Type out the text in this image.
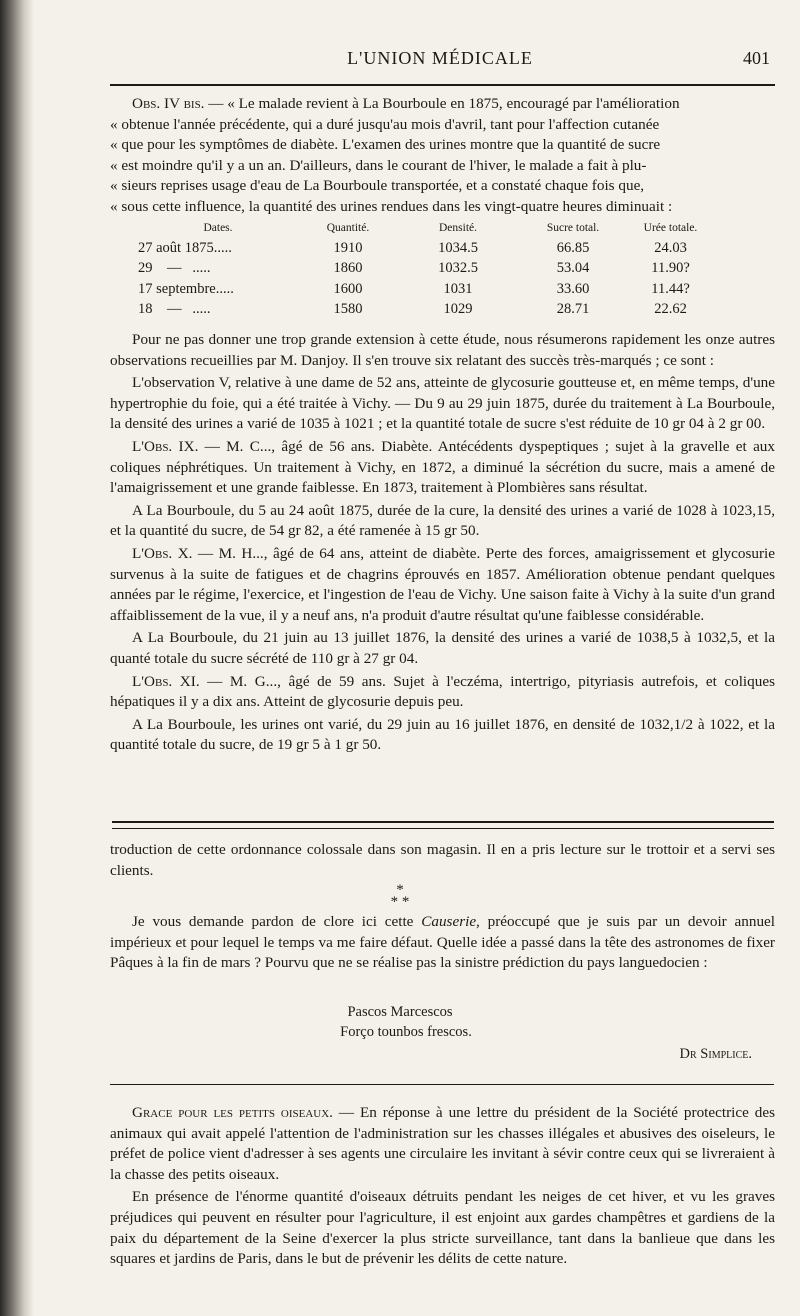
L'UNION MÉDICALE	401
Obs. IV bis. — « Le malade revient à La Bourboule en 1875, encouragé par l'amélioration
« obtenue l'année précédente, qui a duré jusqu'au mois d'avril, tant pour l'affection cutanée
« que pour les symptômes de diabète. L'examen des urines montre que la quantité de sucre
« est moindre qu'il y a un an. D'ailleurs, dans le courant de l'hiver, le malade a fait à plu-
« sieurs reprises usage d'eau de La Bourboule transportée, et a constaté chaque fois que,
« sous cette influence, la quantité des urines rendues dans les vingt-quatre heures diminuait :
Dates.	Quantité.	Densité.	Sucre total.	Urée totale.
27 août 1875.....	1910	1034.5	66.85	24.03
29    —   .....	1860	1032.5	53.04	11.90?
17 septembre.....	1600	1031	33.60	11.44?
18    —   .....	1580	1029	28.71	22.62

Pour ne pas donner une trop grande extension à cette étude, nous résumerons rapidement les onze autres observations recueillies par M. Danjoy. Il s'en trouve six relatant des succès très-marqués ; ce sont :

L'observation V, relative à une dame de 52 ans, atteinte de glycosurie goutteuse et, en même temps, d'une hypertrophie du foie, qui a été traitée à Vichy. — Du 9 au 29 juin 1875, durée du traitement à La Bourboule, la densité des urines a varié de 1035 à 1021 ; et la quantité totale de sucre s'est réduite de 10 gr 04 à 2 gr 00.

L'Obs. IX. — M. C..., âgé de 56 ans. Diabète. Antécédents dyspeptiques ; sujet à la gravelle et aux coliques néphrétiques. Un traitement à Vichy, en 1872, a diminué la sécrétion du sucre, mais a amené de l'amaigrissement et une grande faiblesse. En 1873, traitement à Plombières sans résultat.

A La Bourboule, du 5 au 24 août 1875, durée de la cure, la densité des urines a varié de 1028 à 1023,15, et la quantité du sucre, de 54 gr 82, a été ramenée à 15 gr 50.

L'Obs. X. — M. H..., âgé de 64 ans, atteint de diabète. Perte des forces, amaigrissement et glycosurie survenus à la suite de fatigues et de chagrins éprouvés en 1857. Amélioration obtenue pendant quelques années par le régime, l'exercice, et l'ingestion de l'eau de Vichy. Une saison faite à Vichy à la suite d'un grand affaiblissement de la vue, il y a neuf ans, n'a produit d'autre résultat qu'une faiblesse considérable.

A La Bourboule, du 21 juin au 13 juillet 1876, la densité des urines a varié de 1038,5 à 1032,5, et la quanté totale du sucre sécrété de 110 gr à 27 gr 04.

L'Obs. XI. — M. G..., âgé de 59 ans. Sujet à l'eczéma, intertrigo, pityriasis autrefois, et coliques hépatiques il y a dix ans. Atteint de glycosurie depuis peu.

A La Bourboule, les urines ont varié, du 29 juin au 16 juillet 1876, en densité de 1032,1/2 à 1022, et la quantité totale du sucre, de 19 gr 5 à 1 gr 50.

troduction de cette ordonnance colossale dans son magasin. Il en a pris lecture sur le trottoir et a servi ses clients.

*
* *

Je vous demande pardon de clore ici cette Causerie, préoccupé que je suis par un devoir annuel impérieux et pour lequel le temps va me faire défaut. Quelle idée a passé dans la tête des astronomes de fixer Pâques à la fin de mars ? Pourvu que ne se réalise pas la sinistre prédiction du pays languedocien :

Pascos Marcescos
Forço tounbos frescos.
Dr Simplice.

Grace pour les petits oiseaux. — En réponse à une lettre du président de la Société protectrice des animaux qui avait appelé l'attention de l'administration sur les chasses illégales et abusives des oiseleurs, le préfet de police vient d'adresser à ses agents une circulaire les invitant à sévir contre ceux qui se livreraient à la chasse des petits oiseaux.

En présence de l'énorme quantité d'oiseaux détruits pendant les neiges de cet hiver, et vu les graves préjudices qui peuvent en résulter pour l'agriculture, il est enjoint aux gardes champêtres et gardiens de la paix du département de la Seine d'exercer la plus stricte surveillance, tant dans la banlieue que dans les squares et jardins de Paris, dans le but de prévenir les délits de cette nature.
